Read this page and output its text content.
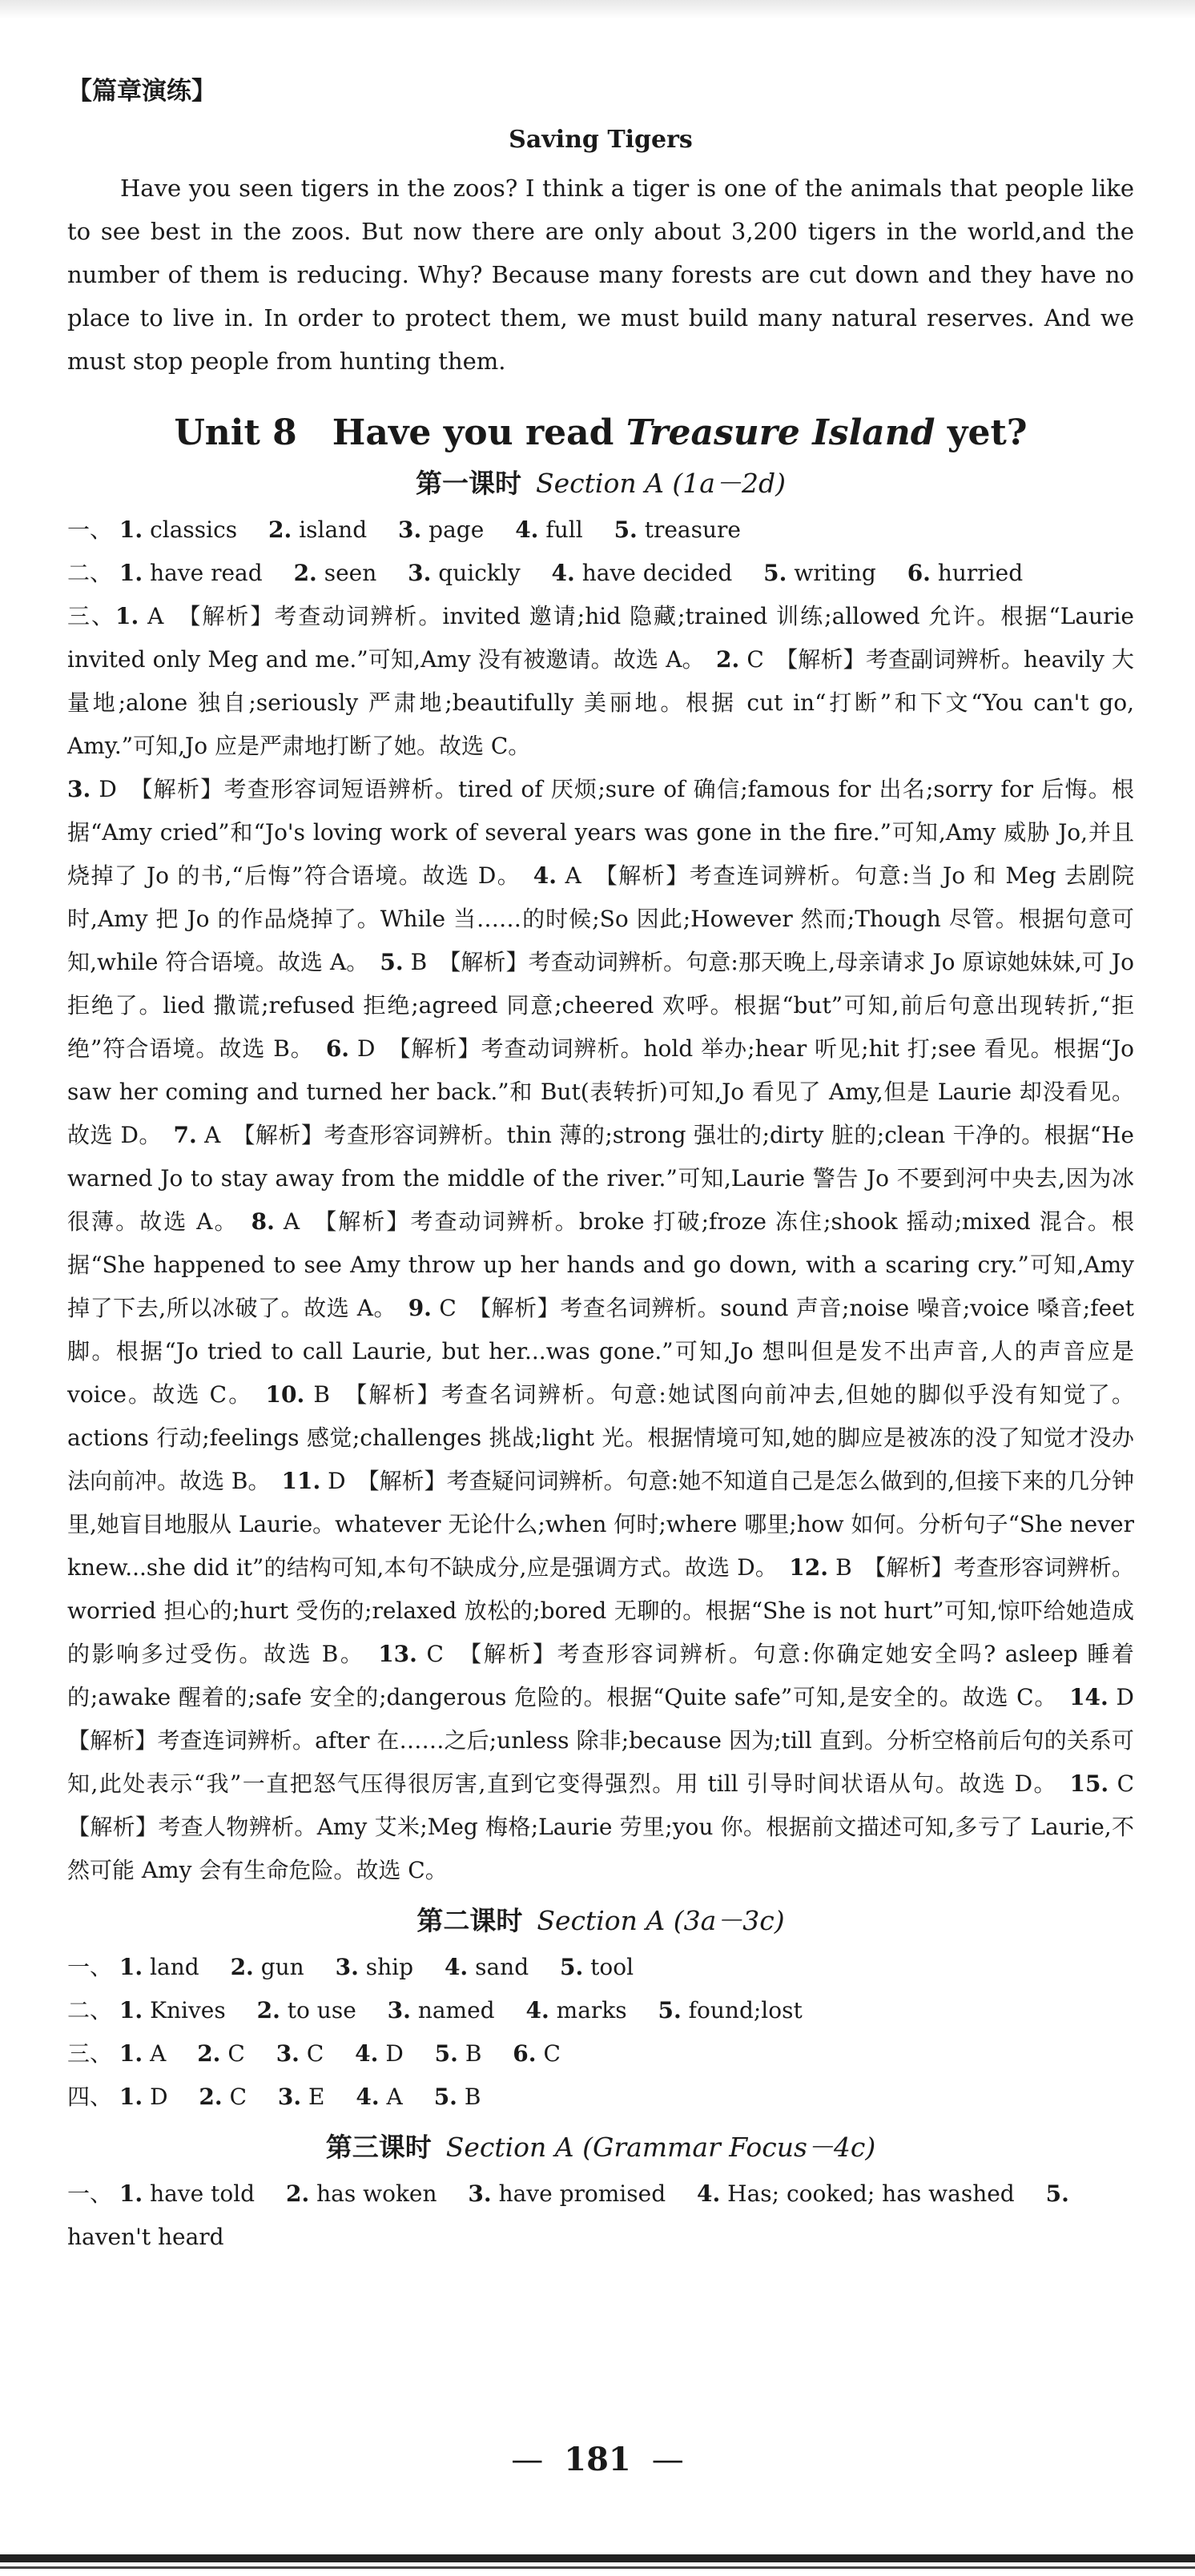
【篇章演练】
Saving Tigers

Have you seen tigers in the zoos? I think a tiger is one of the animals that people like to see best in the zoos. But now there are only about 3,200 tigers in the world,and the number of them is reducing. Why? Because many forests are cut down and they have no place to live in. In order to protect them, we must build many natural reserves. And we must stop people from hunting them.

Unit 8　Have you read Treasure Island yet?
第一课时 Section A (1a－2d)

一、 1. classics 2. island 3. page 4. full 5. treasure

二、 1. have read 2. seen 3. quickly 4. have decided 5. writing 6. hurried

三、1. A　 【解析】考查动词辨析。invited 邀请;hid 隐藏;trained 训练;allowed 允许。根据“Laurie invited only Meg and me.”可知,Amy 没有被邀请。故选 A。　 2. C　 【解析】考查副词辨析。heavily 大量地;alone 独自;seriously 严肃地;beautifully 美丽地。根据 cut in“打断”和下文“You can't go, Amy.”可知,Jo 应是严肃地打断了她。故选 C。
3. D　 【解析】考查形容词短语辨析。tired of 厌烦;sure of 确信;famous for 出名;sorry for 后悔。根据“Amy cried”和“Jo's loving work of several years was gone in the fire.”可知,Amy 威胁 Jo,并且烧掉了 Jo 的书,“后悔”符合语境。故选 D。　 4. A　 【解析】考查连词辨析。句意:当 Jo 和 Meg 去剧院时,Amy 把 Jo 的作品烧掉了。While 当……的时候;So 因此;However 然而;Though 尽管。根据句意可知,while 符合语境。故选 A。　 5. B　 【解析】考查动词辨析。句意:那天晚上,母亲请求 Jo 原谅她妹妹,可 Jo 拒绝了。lied 撒谎;refused 拒绝;agreed 同意;cheered 欢呼。根据“but”可知,前后句意出现转折,“拒绝”符合语境。故选 B。　 6. D　 【解析】考查动词辨析。hold 举办;hear 听见;hit 打;see 看见。根据“Jo saw her coming and turned her back.”和 But(表转折)可知,Jo 看见了 Amy,但是 Laurie 却没看见。故选 D。　 7. A　 【解析】考查形容词辨析。thin 薄的;strong 强壮的;dirty 脏的;clean 干净的。根据“He warned Jo to stay away from the middle of the river.”可知,Laurie 警告 Jo 不要到河中央去,因为冰很薄。故选 A。　 8. A　 【解析】考查动词辨析。broke 打破;froze 冻住;shook 摇动;mixed 混合。根据“She happened to see Amy throw up her hands and go down, with a scaring cry.”可知,Amy 掉了下去,所以冰破了。故选 A。　 9. C　 【解析】考查名词辨析。sound 声音;noise 噪音;voice 嗓音;feet 脚。根据“Jo tried to call Laurie, but her...was gone.”可知,Jo 想叫但是发不出声音,人的声音应是 voice。故选 C。　 10. B　 【解析】考查名词辨析。句意:她试图向前冲去,但她的脚似乎没有知觉了。actions 行动;feelings 感觉;challenges 挑战;light 光。根据情境可知,她的脚应是被冻的没了知觉才没办法向前冲。故选 B。　 11. D　 【解析】考查疑问词辨析。句意:她不知道自己是怎么做到的,但接下来的几分钟里,她盲目地服从 Laurie。whatever 无论什么;when 何时;where 哪里;how 如何。分析句子“She never knew...she did it”的结构可知,本句不缺成分,应是强调方式。故选 D。　 12. B　 【解析】考查形容词辨析。worried 担心的;hurt 受伤的;relaxed 放松的;bored 无聊的。根据“She is not hurt”可知,惊吓给她造成的影响多过受伤。故选 B。　 13. C　 【解析】考查形容词辨析。句意:你确定她安全吗? asleep 睡着的;awake 醒着的;safe 安全的;dangerous 危险的。根据“Quite safe”可知,是安全的。故选 C。　 14. D　【解析】考查连词辨析。after 在……之后;unless 除非;because 因为;till 直到。分析空格前后句的关系可知,此处表示“我”一直把怒气压得很厉害,直到它变得强烈。用 till 引导时间状语从句。故选 D。　 15. C　【解析】考查人物辨析。Amy 艾米;Meg 梅格;Laurie 劳里;you 你。根据前文描述可知,多亏了 Laurie,不然可能 Amy 会有生命危险。故选 C。
第二课时 Section A (3a－3c)

一、 1. land 2. gun 3. ship 4. sand 5. tool

二、 1. Knives 2. to use 3. named 4. marks 5. found;lost

三、 1. A 2. C 3. C 4. D 5. B 6. C

四、 1. D 2. C 3. E 4. A 5. B

第三课时 Section A (Grammar Focus－4c)

一、 1. have told 2. has woken 3. have promised 4. Has; cooked; has washed 5. haven't heard

— 181 —
